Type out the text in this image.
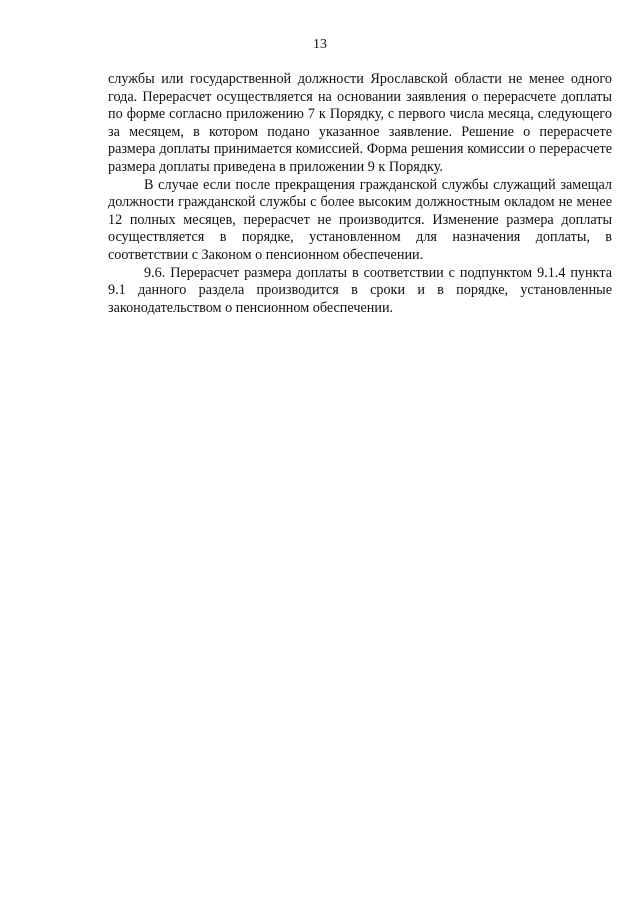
13

службы или государственной должности Ярославской области не менее одного года. Перерасчет осуществляется на основании заявления о перерасчете доплаты по форме согласно приложению 7 к Порядку, с первого числа месяца, следующего за месяцем, в котором подано указанное заявление. Решение о перерасчете размера доплаты принимается комиссией. Форма решения комиссии о перерасчете размера доплаты приведена в приложении 9 к Порядку.

В случае если после прекращения гражданской службы служащий замещал должности гражданской службы с более высоким должностным окладом не менее 12 полных месяцев, перерасчет не производится. Изменение размера доплаты осуществляется в порядке, установленном для назначения доплаты, в соответствии с Законом о пенсионном обеспечении.

9.6. Перерасчет размера доплаты в соответствии с подпунктом 9.1.4 пункта 9.1 данного раздела производится в сроки и в порядке, установленные законодательством о пенсионном обеспечении.
